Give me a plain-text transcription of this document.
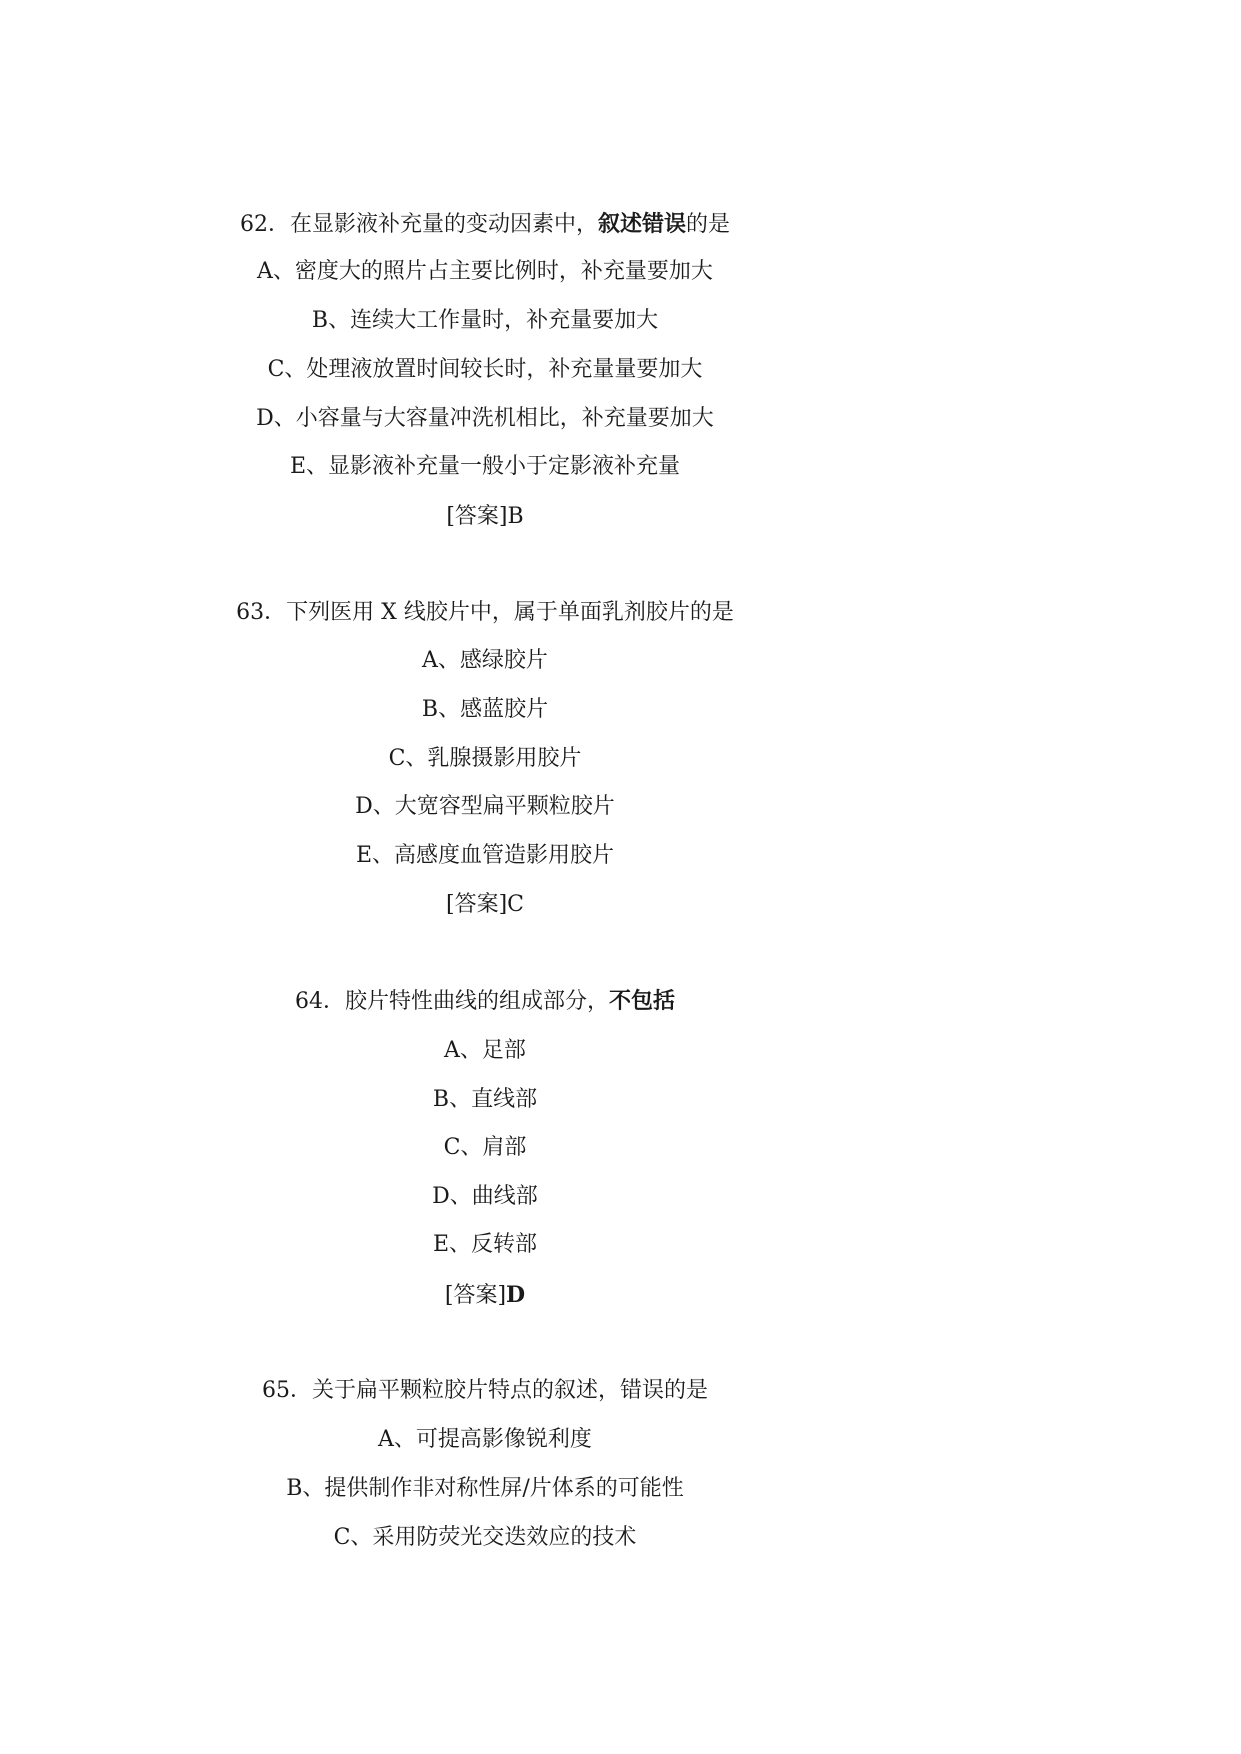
62．在显影液补充量的变动因素中，叙述错误的是
A、密度大的照片占主要比例时，补充量要加大
B、连续大工作量时，补充量要加大
C、处理液放置时间较长时，补充量量要加大
D、小容量与大容量冲洗机相比，补充量要加大
E、显影液补充量一般小于定影液补充量
[答案]B
63．下列医用 X 线胶片中，属于单面乳剂胶片的是
A、感绿胶片
B、感蓝胶片
C、乳腺摄影用胶片
D、大宽容型扁平颗粒胶片
E、高感度血管造影用胶片
[答案]C
64．胶片特性曲线的组成部分，不包括
A、足部
B、直线部
C、肩部
D、曲线部
E、反转部
[答案]D
65．关于扁平颗粒胶片特点的叙述，错误的是
A、可提高影像锐利度
B、提供制作非对称性屏/片体系的可能性
C、采用防荧光交迭效应的技术
